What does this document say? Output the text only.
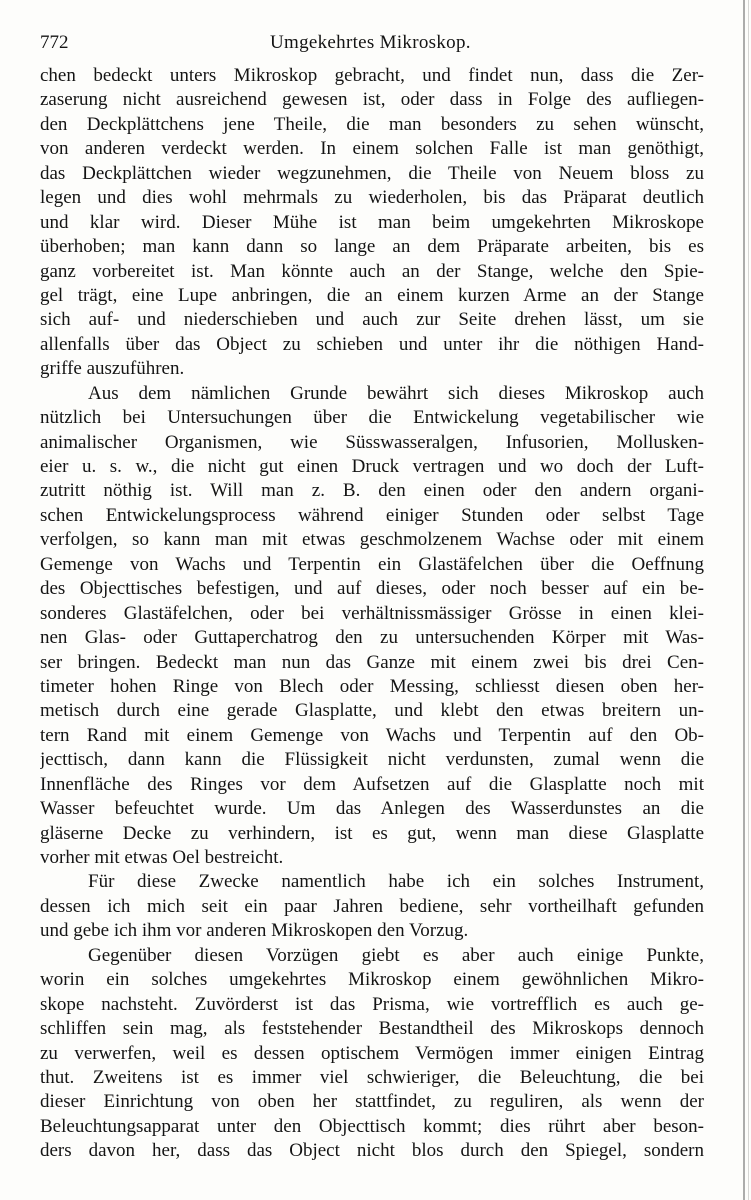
772	Umgekehrtes Mikroskop.
chen bedeckt unters Mikroskop gebracht, und findet nun, dass die Zer-
zaserung nicht ausreichend gewesen ist, oder dass in Folge des aufliegen-
den Deckplättchens jene Theile, die man besonders zu sehen wünscht,
von anderen verdeckt werden. In einem solchen Falle ist man genöthigt,
das Deckplättchen wieder wegzunehmen, die Theile von Neuem bloss zu
legen und dies wohl mehrmals zu wiederholen, bis das Präparat deutlich
und klar wird. Dieser Mühe ist man beim umgekehrten Mikroskope
überhoben; man kann dann so lange an dem Präparate arbeiten, bis es
ganz vorbereitet ist. Man könnte auch an der Stange, welche den Spie-
gel trägt, eine Lupe anbringen, die an einem kurzen Arme an der Stange
sich auf- und niederschieben und auch zur Seite drehen lässt, um sie
allenfalls über das Object zu schieben und unter ihr die nöthigen Hand-
griffe auszuführen.
Aus dem nämlichen Grunde bewährt sich dieses Mikroskop auch
nützlich bei Untersuchungen über die Entwickelung vegetabilischer wie
animalischer Organismen, wie Süsswasseralgen, Infusorien, Mollusken-
eier u. s. w., die nicht gut einen Druck vertragen und wo doch der Luft-
zutritt nöthig ist. Will man z. B. den einen oder den andern organi-
schen Entwickelungsprocess während einiger Stunden oder selbst Tage
verfolgen, so kann man mit etwas geschmolzenem Wachse oder mit einem
Gemenge von Wachs und Terpentin ein Glastäfelchen über die Oeffnung
des Objecttisches befestigen, und auf dieses, oder noch besser auf ein be-
sonderes Glastäfelchen, oder bei verhältnissmässiger Grösse in einen klei-
nen Glas- oder Guttaperchatrog den zu untersuchenden Körper mit Was-
ser bringen. Bedeckt man nun das Ganze mit einem zwei bis drei Cen-
timeter hohen Ringe von Blech oder Messing, schliesst diesen oben her-
metisch durch eine gerade Glasplatte, und klebt den etwas breitern un-
tern Rand mit einem Gemenge von Wachs und Terpentin auf den Ob-
jecttisch, dann kann die Flüssigkeit nicht verdunsten, zumal wenn die
Innenfläche des Ringes vor dem Aufsetzen auf die Glasplatte noch mit
Wasser befeuchtet wurde. Um das Anlegen des Wasserdunstes an die
gläserne Decke zu verhindern, ist es gut, wenn man diese Glasplatte
vorher mit etwas Oel bestreicht.
Für diese Zwecke namentlich habe ich ein solches Instrument,
dessen ich mich seit ein paar Jahren bediene, sehr vortheilhaft gefunden
und gebe ich ihm vor anderen Mikroskopen den Vorzug.
Gegenüber diesen Vorzügen giebt es aber auch einige Punkte,
worin ein solches umgekehrtes Mikroskop einem gewöhnlichen Mikro-
skope nachsteht. Zuvörderst ist das Prisma, wie vortrefflich es auch ge-
schliffen sein mag, als feststehender Bestandtheil des Mikroskops dennoch
zu verwerfen, weil es dessen optischem Vermögen immer einigen Eintrag
thut. Zweitens ist es immer viel schwieriger, die Beleuchtung, die bei
dieser Einrichtung von oben her stattfindet, zu reguliren, als wenn der
Beleuchtungsapparat unter den Objecttisch kommt; dies rührt aber beson-
ders davon her, dass das Object nicht blos durch den Spiegel, sondern
